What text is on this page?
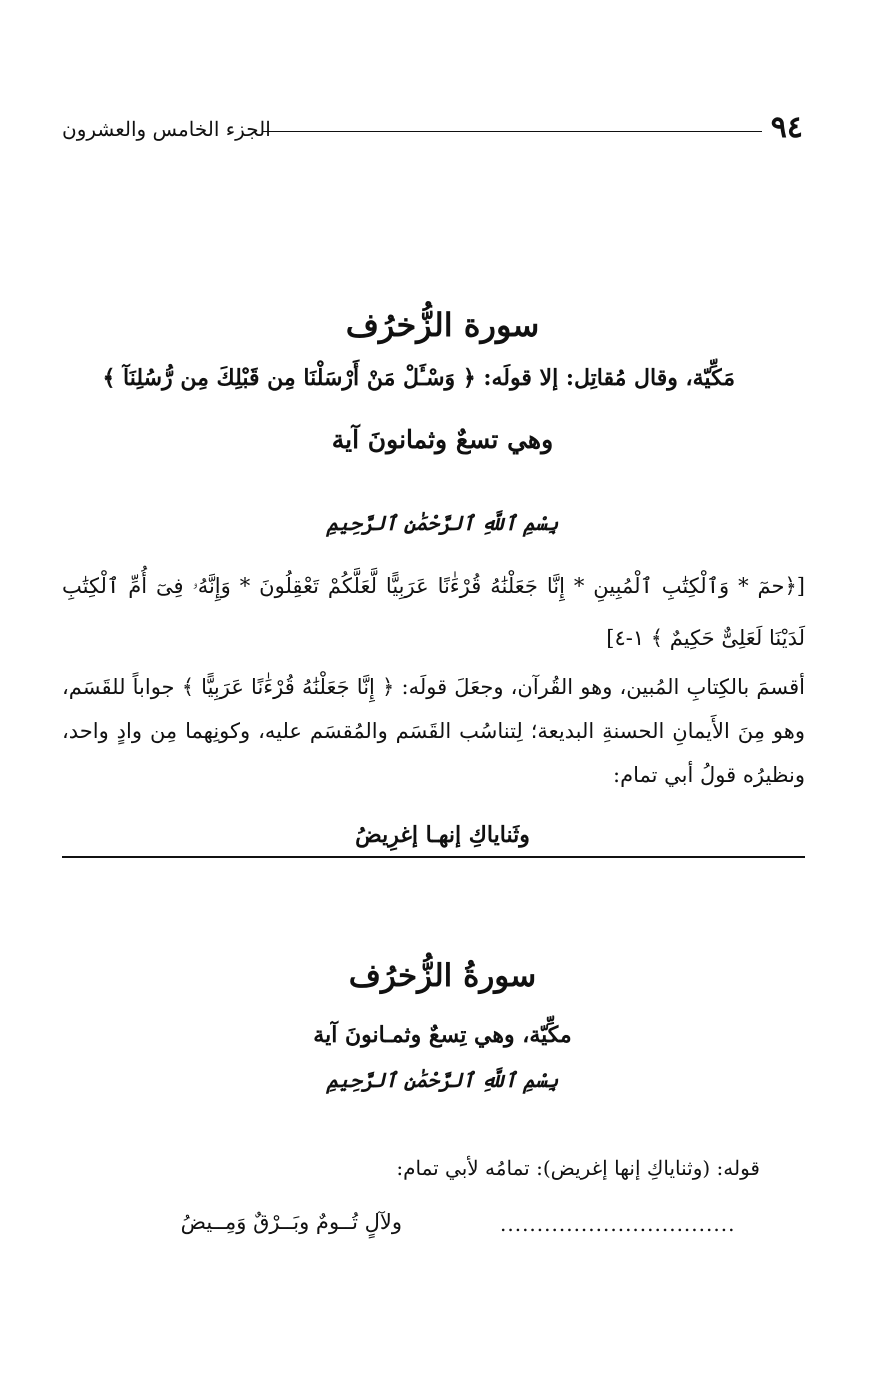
٩٤
الجزء الخامس والعشرون
سورة الزُّخرُف
مَكِّيّة، وقال مُقاتِل: إلا قولَه: ﴿ وَسْـَٔلْ مَنْ أَرْسَلْنَا مِن قَبْلِكَ مِن رُّسُلِنَآ ﴾
وهي تسعٌ وثمانونَ آية
بِسْمِ ٱللَّهِ ٱلرَّحْمَٰنِ ٱلرَّحِيمِ
[﴿حمٓ * وَٱلْكِتَٰبِ ٱلْمُبِينِ * إِنَّا جَعَلْنَٰهُ قُرْءَٰنًا عَرَبِيًّا لَّعَلَّكُمْ تَعْقِلُونَ * وَإِنَّهُۥ فِىٓ أُمِّ ٱلْكِتَٰبِ لَدَيْنَا لَعَلِىٌّ حَكِيمٌ ﴾ ١-٤]
أقسمَ بالكِتابِ المُبين، وهو القُرآن، وجعَلَ قولَه: ﴿ إِنَّا جَعَلْنَٰهُ قُرْءَٰنًا عَرَبِيًّا ﴾ جواباً للقَسَم، وهو مِنَ الأَيمانِ الحسنةِ البديعة؛ لِتناسُب القَسَم والمُقسَم عليه، وكونِهما مِن وادٍ واحد، ونظيرُه قولُ أبي تمام:
وثَناياكِ إنهـا إغرِيضُ
سورةُ الزُّخرُف
مكِّيّة، وهي تِسعٌ وثمـانونَ آية
بِسْمِ ٱللَّهِ ٱلرَّحْمَٰنِ ٱلرَّحِيمِ
قوله: (وثناياكِ إنها إغريض): تمامُه لأبي تمام:
................................
ولآلٍ تُــومٌ وبَــرْقٌ وَمِــيضُ
